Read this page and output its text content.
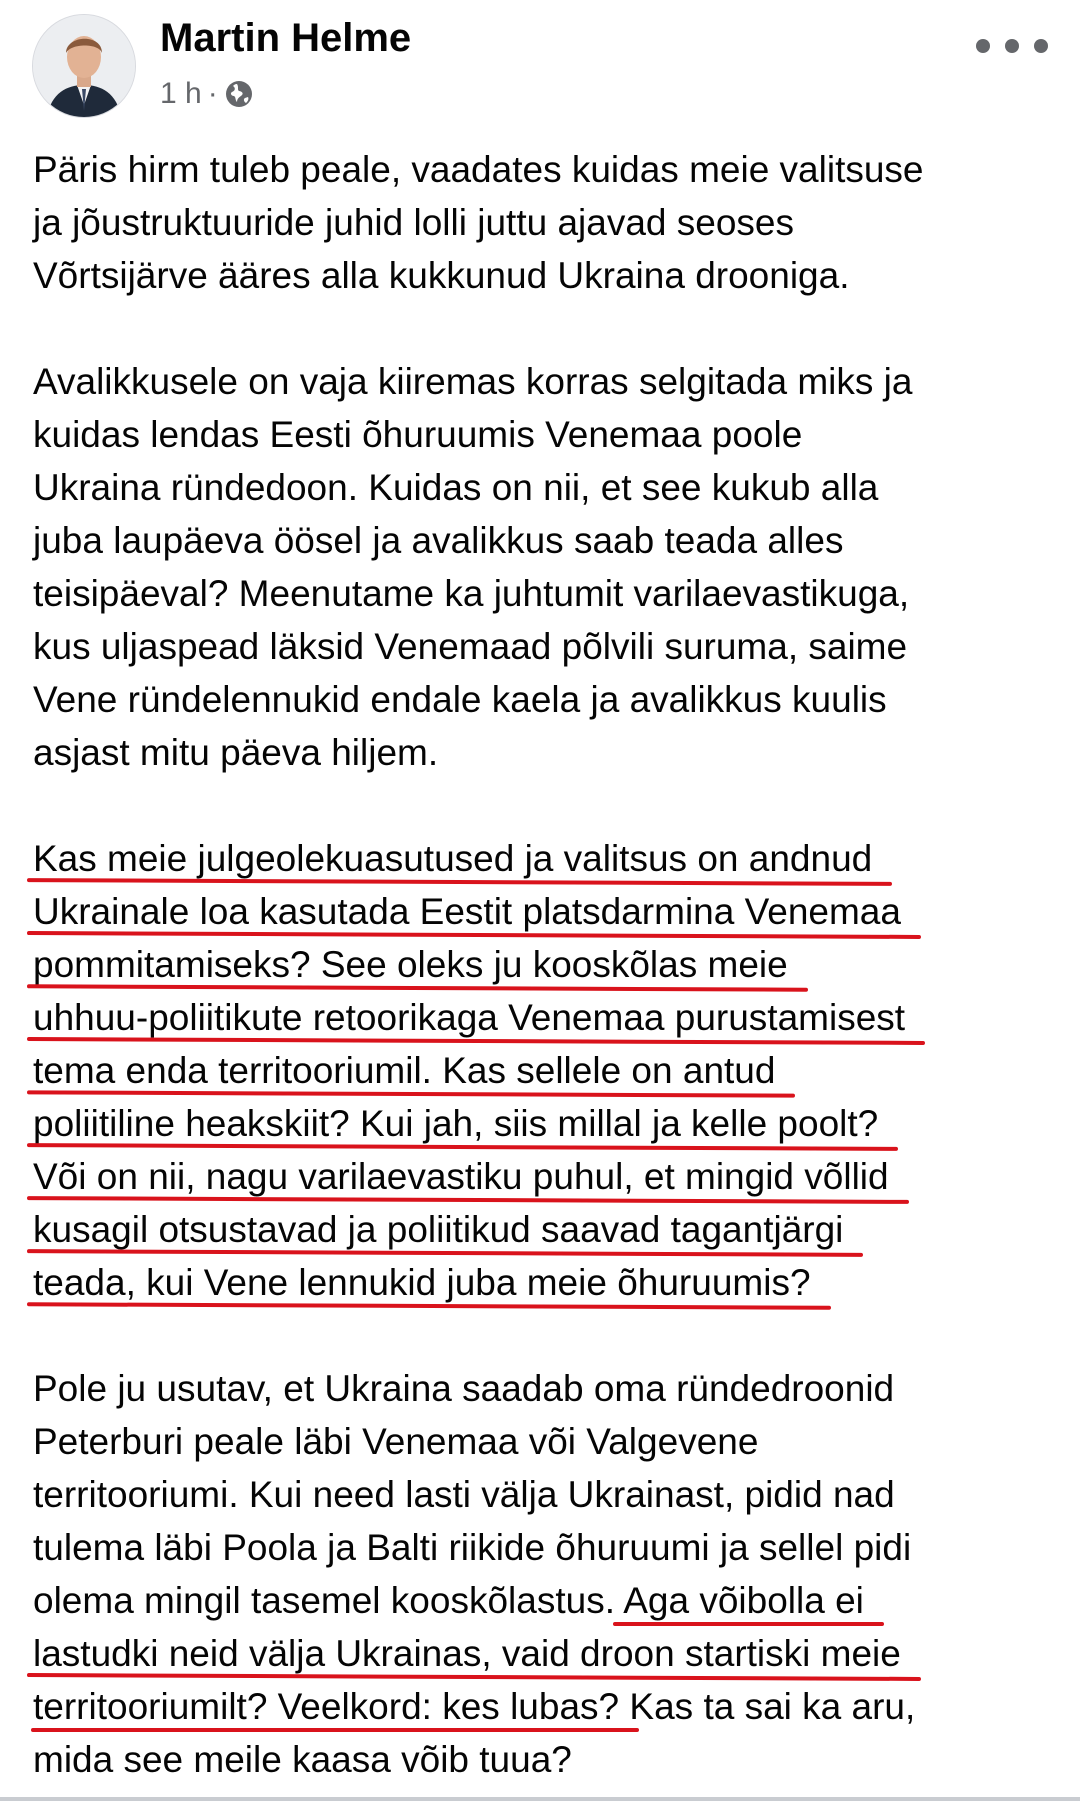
Martin Helme
1 h ·

Päris hirm tuleb peale, vaadates kuidas meie valitsuse
ja jõustruktuuride juhid lolli juttu ajavad seoses
Võrtsijärve ääres alla kukkunud Ukraina drooniga.

Avalikkusele on vaja kiiremas korras selgitada miks ja
kuidas lendas Eesti õhuruumis Venemaa poole
Ukraina ründedoon. Kuidas on nii, et see kukub alla
juba laupäeva öösel ja avalikkus saab teada alles
teisipäeval? Meenutame ka juhtumit varilaevastikuga,
kus uljaspead läksid Venemaad põlvili suruma, saime
Vene ründelennukid endale kaela ja avalikkus kuulis
asjast mitu päeva hiljem.

Kas meie julgeolekuasutused ja valitsus on andnud
Ukrainale loa kasutada Eestit platsdarmina Venemaa
pommitamiseks? See oleks ju kooskõlas meie
uhhuu-poliitikute retoorikaga Venemaa purustamisest
tema enda territooriumil. Kas sellele on antud
poliitiline heakskiit? Kui jah, siis millal ja kelle poolt?
Või on nii, nagu varilaevastiku puhul, et mingid võllid
kusagil otsustavad ja poliitikud saavad tagantjärgi
teada, kui Vene lennukid juba meie õhuruumis?

Pole ju usutav, et Ukraina saadab oma ründedroonid
Peterburi peale läbi Venemaa või Valgevene
territooriumi. Kui need lasti välja Ukrainast, pidid nad
tulema läbi Poola ja Balti riikide õhuruumi ja sellel pidi
olema mingil tasemel kooskõlastus. Aga võibolla ei
lastudki neid välja Ukrainas, vaid droon startiski meie
territooriumilt? Veelkord: kes lubas? Kas ta sai ka aru,
mida see meile kaasa võib tuua?
